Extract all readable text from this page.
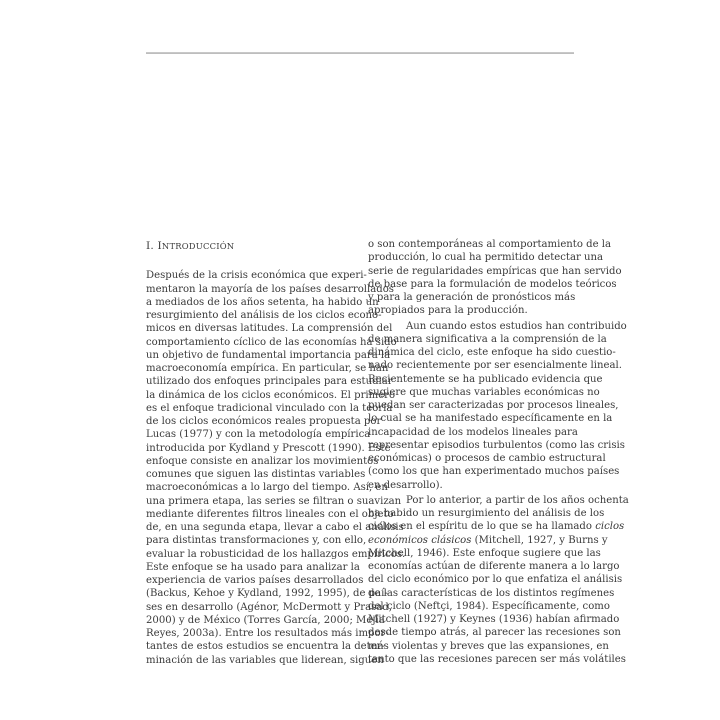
I. INTRODUCCIÓN

Después de la crisis económica que experi-
mentaron la mayoría de los países desarrollados
a mediados de los años setenta, ha habido un
resurgimiento del análisis de los ciclos econó-
micos en diversas latitudes. La comprensión del
comportamiento cíclico de las economías ha sido
un objetivo de fundamental importancia para la
macroeconomía empírica. En particular, se han
utilizado dos enfoques principales para estudiar
la dinámica de los ciclos económicos. El primero
es el enfoque tradicional vinculado con la teoría
de los ciclos económicos reales propuesta por
Lucas (1977) y con la metodología empírica
introducida por Kydland y Prescott (1990). Este
enfoque consiste en analizar los movimientos
comunes que siguen las distintas variables
macroeconómicas a lo largo del tiempo. Así, en
una primera etapa, las series se filtran o suavizan
mediante diferentes filtros lineales con el objeto
de, en una segunda etapa, llevar a cabo el análisis
para distintas transformaciones y, con ello,
evaluar la robusticidad de los hallazgos empíricos.
Este enfoque se ha usado para analizar la
experiencia de varios países desarrollados
(Backus, Kehoe y Kydland, 1992, 1995), de paí-
ses en desarrollo (Agénor, McDermott y Prasad,
2000) y de México (Torres García, 2000; Mejía
Reyes, 2003a). Entre los resultados más impor-
tantes de estos estudios se encuentra la deter-
minación de las variables que liderean, siguen

o son contemporáneas al comportamiento de la
producción, lo cual ha permitido detectar una
serie de regularidades empíricas que han servido
de base para la formulación de modelos teóricos
y para la generación de pronósticos más
apropiados para la producción.

Aun cuando estos estudios han contribuido
de manera significativa a la comprensión de la
dinámica del ciclo, este enfoque ha sido cuestio-
nado recientemente por ser esencialmente lineal.
Recientemente se ha publicado evidencia que
sugiere que muchas variables económicas no
puedan ser caracterizadas por procesos lineales,
lo cual se ha manifestado específicamente en la
incapacidad de los modelos lineales para
representar episodios turbulentos (como las crisis
económicas) o procesos de cambio estructural
(como los que han experimentado muchos países
en desarrollo).

Por lo anterior, a partir de los años ochenta
ha habido un resurgimiento del análisis de los
ciclos en el espíritu de lo que se ha llamado ciclos
económicos clásicos (Mitchell, 1927, y Burns y
Mitchell, 1946). Este enfoque sugiere que las
economías actúan de diferente manera a lo largo
del ciclo económico por lo que enfatiza el análisis
de las características de los distintos regímenes
del ciclo (Neftçi, 1984). Específicamente, como
Mitchell (1927) y Keynes (1936) habían afirmado
desde tiempo atrás, al parecer las recesiones son
más violentas y breves que las expansiones, en
tanto que las recesiones parecen ser más volátiles
